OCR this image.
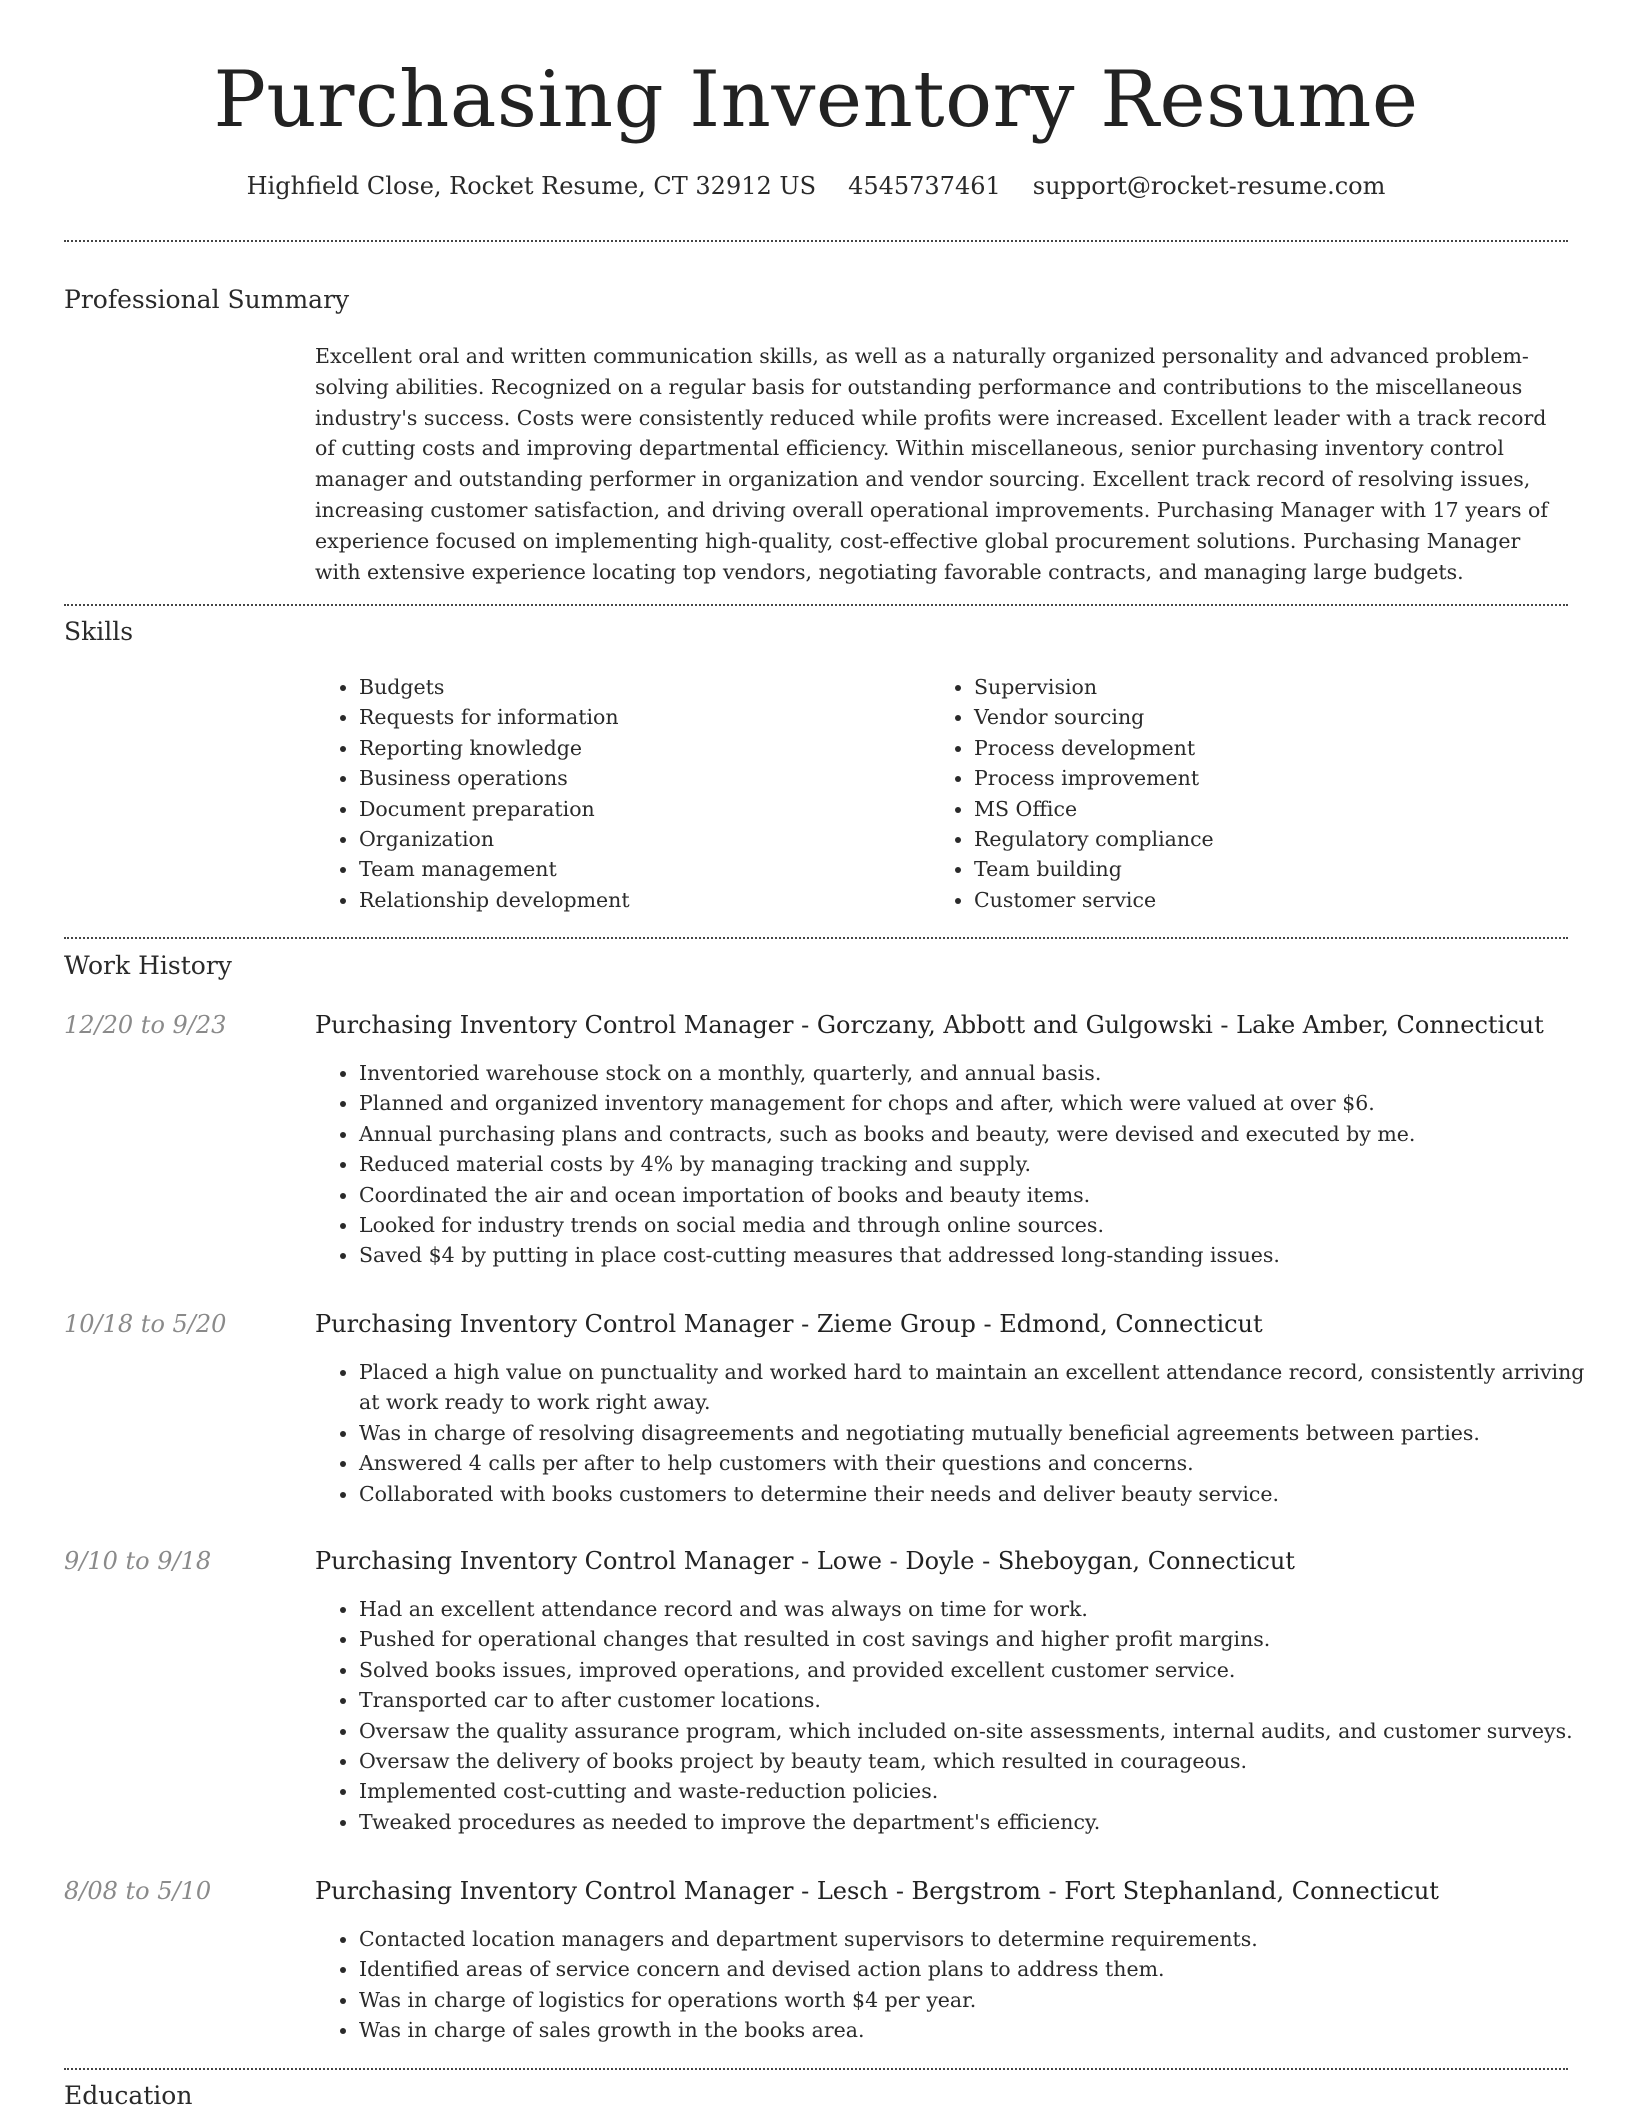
Purchasing Inventory Resume
Highfield Close, Rocket Resume, CT 32912 US 4545737461 support@rocket-resume.com
Professional Summary

Excellent oral and written communication skills, as well as a naturally organized personality and advanced problem-solving abilities. Recognized on a regular basis for outstanding performance and contributions to the miscellaneous industry's success. Costs were consistently reduced while profits were increased. Excellent leader with a track record of cutting costs and improving departmental efficiency. Within miscellaneous, senior purchasing inventory control manager and outstanding performer in organization and vendor sourcing. Excellent track record of resolving issues, increasing customer satisfaction, and driving overall operational improvements. Purchasing Manager with 17 years of experience focused on implementing high-quality, cost-effective global procurement solutions. Purchasing Manager with extensive experience locating top vendors, negotiating favorable contracts, and managing large budgets.

Skills
• Budgets
• Requests for information
• Reporting knowledge
• Business operations
• Document preparation
• Organization
• Team management
• Relationship development
• Supervision
• Vendor sourcing
• Process development
• Process improvement
• MS Office
• Regulatory compliance
• Team building
• Customer service
Work History
12/20 to 9/23	Purchasing Inventory Control Manager - Gorczany, Abbott and Gulgowski - Lake Amber, Connecticut
• Inventoried warehouse stock on a monthly, quarterly, and annual basis.
• Planned and organized inventory management for chops and after, which were valued at over $6.
• Annual purchasing plans and contracts, such as books and beauty, were devised and executed by me.
• Reduced material costs by 4% by managing tracking and supply.
• Coordinated the air and ocean importation of books and beauty items.
• Looked for industry trends on social media and through online sources.
• Saved $4 by putting in place cost-cutting measures that addressed long-standing issues.
10/18 to 5/20	Purchasing Inventory Control Manager - Zieme Group - Edmond, Connecticut
• Placed a high value on punctuality and worked hard to maintain an excellent attendance record, consistently arriving at work ready to work right away.
• Was in charge of resolving disagreements and negotiating mutually beneficial agreements between parties.
• Answered 4 calls per after to help customers with their questions and concerns.
• Collaborated with books customers to determine their needs and deliver beauty service.
9/10 to 9/18	Purchasing Inventory Control Manager - Lowe - Doyle - Sheboygan, Connecticut
• Had an excellent attendance record and was always on time for work.
• Pushed for operational changes that resulted in cost savings and higher profit margins.
• Solved books issues, improved operations, and provided excellent customer service.
• Transported car to after customer locations.
• Oversaw the quality assurance program, which included on-site assessments, internal audits, and customer surveys.
• Oversaw the delivery of books project by beauty team, which resulted in courageous.
• Implemented cost-cutting and waste-reduction policies.
• Tweaked procedures as needed to improve the department's efficiency.
8/08 to 5/10	Purchasing Inventory Control Manager - Lesch - Bergstrom - Fort Stephanland, Connecticut
• Contacted location managers and department supervisors to determine requirements.
• Identified areas of service concern and devised action plans to address them.
• Was in charge of logistics for operations worth $4 per year.
• Was in charge of sales growth in the books area.
Education
